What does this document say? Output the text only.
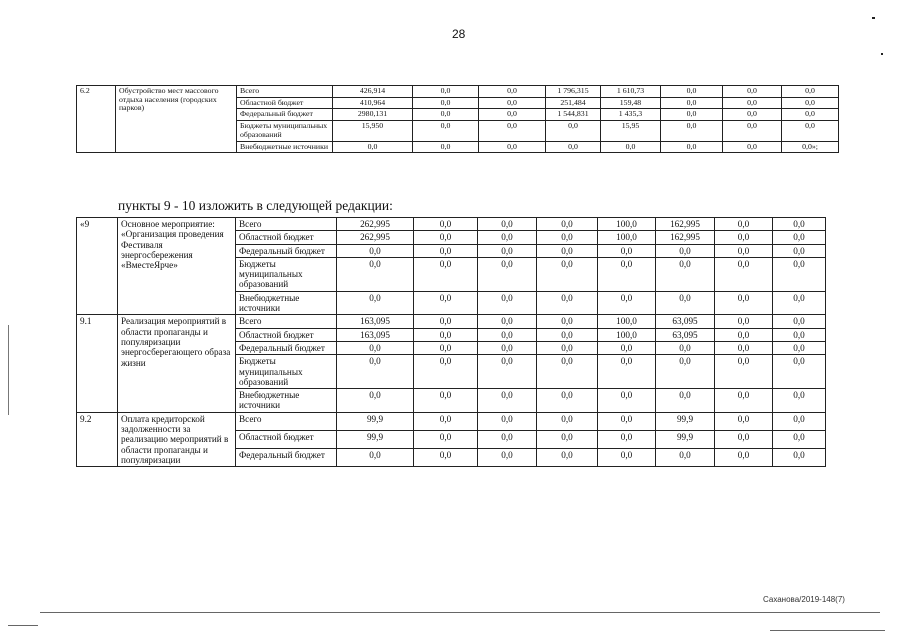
28
6.2	Обустройство мест массового отдыха населения (городских парков)	Всего	426,914	0,0	0,0	1 796,315	1 610,73	0,0	0,0	0,0
		Областной бюджет	410,964	0,0	0,0	251,484	159,48	0,0	0,0	0,0
		Федеральный бюджет	2980,131	0,0	0,0	1 544,831	1 435,3	0,0	0,0	0,0
		Бюджеты муниципальных образований	15,950	0,0	0,0	0,0	15,95	0,0	0,0	0,0
		Внебюджетные источники	0,0	0,0	0,0	0,0	0,0	0,0	0,0	0,0»;
пункты 9 - 10 изложить в следующей редакции:
«9	Основное мероприятие: «Организация проведения Фестиваля энергосбережения «ВместеЯрче»	Всего	262,995	0,0	0,0	0,0	100,0	162,995	0,0	0,0
		Областной бюджет	262,995	0,0	0,0	0,0	100,0	162,995	0,0	0,0
		Федеральный бюджет	0,0	0,0	0,0	0,0	0,0	0,0	0,0	0,0
		Бюджеты муниципальных образований	0,0	0,0	0,0	0,0	0,0	0,0	0,0	0,0
		Внебюджетные источники	0,0	0,0	0,0	0,0	0,0	0,0	0,0	0,0
9.1	Реализация мероприятий в области пропаганды и популяризации энергосберегающего образа жизни	Всего	163,095	0,0	0,0	0,0	100,0	63,095	0,0	0,0
		Областной бюджет	163,095	0,0	0,0	0,0	100,0	63,095	0,0	0,0
		Федеральный бюджет	0,0	0,0	0,0	0,0	0,0	0,0	0,0	0,0
		Бюджеты муниципальных образований	0,0	0,0	0,0	0,0	0,0	0,0	0,0	0,0
		Внебюджетные источники	0,0	0,0	0,0	0,0	0,0	0,0	0,0	0,0
9.2	Оплата кредиторской задолженности за реализацию мероприятий в области пропаганды и популяризации	Всего	99,9	0,0	0,0	0,0	0,0	99,9	0,0	0,0
		Областной бюджет	99,9	0,0	0,0	0,0	0,0	99,9	0,0	0,0
		Федеральный бюджет	0,0	0,0	0,0	0,0	0,0	0,0	0,0	0,0
Саханова/2019-148(7)
